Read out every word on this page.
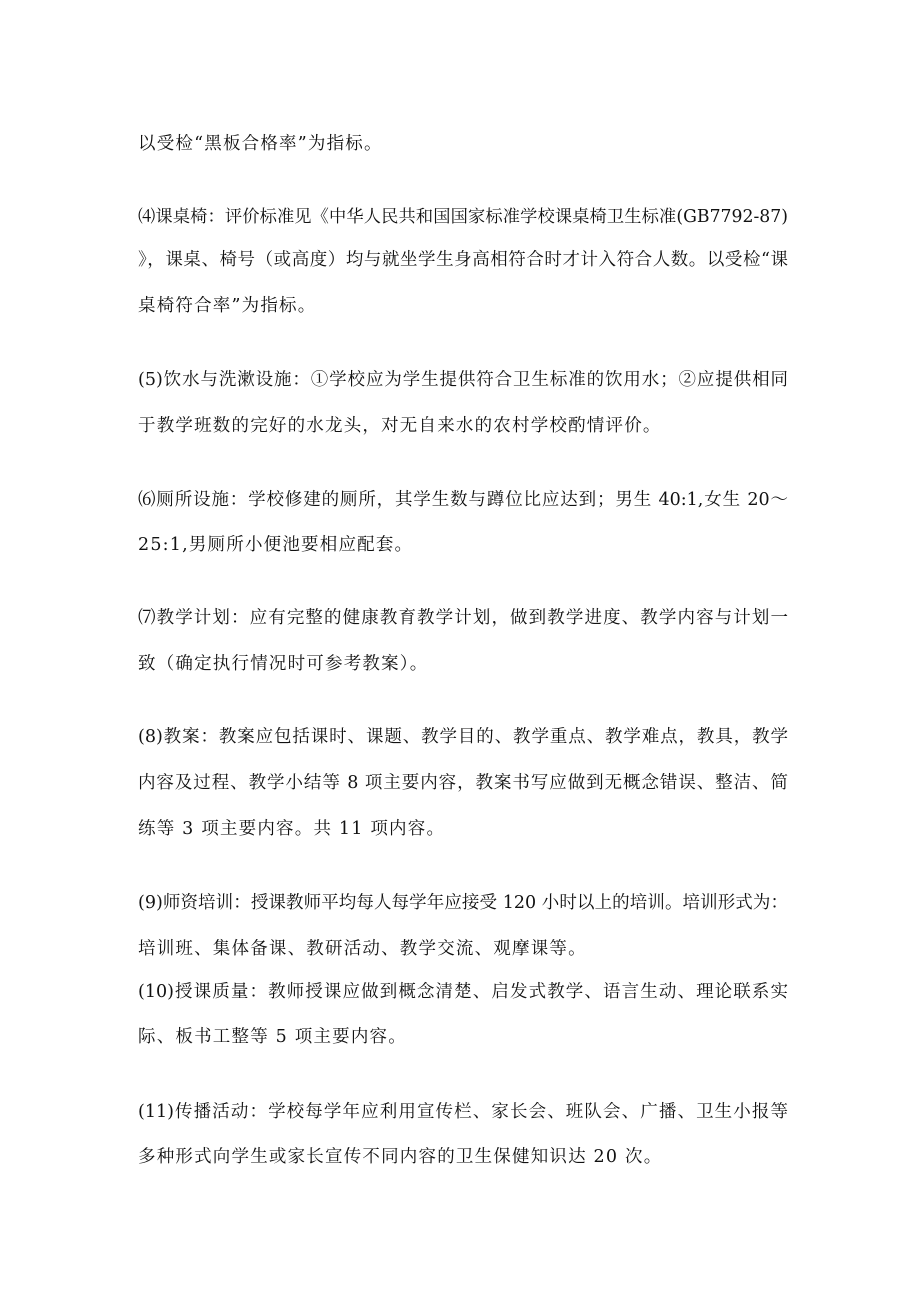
以受检“黑板合格率”为指标。
⑷课桌椅：评价标准见《中华人民共和国国家标准学校课桌椅卫生标准(GB7792-87)
》，课桌、椅号（或高度）均与就坐学生身高相符合时才计入符合人数。以受检“课
桌椅符合率”为指标。
(5)饮水与洗漱设施：①学校应为学生提供符合卫生标准的饮用水；②应提供相同
于教学班数的完好的水龙头，对无自来水的农村学校酌情评价。
⑹厕所设施：学校修建的厕所，其学生数与蹲位比应达到；男生 40:1,女生 20～
25:1,男厕所小便池要相应配套。
⑺教学计划：应有完整的健康教育教学计划，做到教学进度、教学内容与计划一
致（确定执行情况时可参考教案）。
(8)教案：教案应包括课时、课题、教学目的、教学重点、教学难点，教具，教学
内容及过程、教学小结等 8 项主要内容，教案书写应做到无概念错误、整洁、简
练等 3 项主要内容。共 11 项内容。
(9)师资培训：授课教师平均每人每学年应接受 120 小时以上的培训。培训形式为：
培训班、集体备课、教研活动、教学交流、观摩课等。
(10)授课质量：教师授课应做到概念清楚、启发式教学、语言生动、理论联系实
际、板书工整等 5 项主要内容。
(11)传播活动：学校每学年应利用宣传栏、家长会、班队会、广播、卫生小报等
多种形式向学生或家长宣传不同内容的卫生保健知识达 20 次。
